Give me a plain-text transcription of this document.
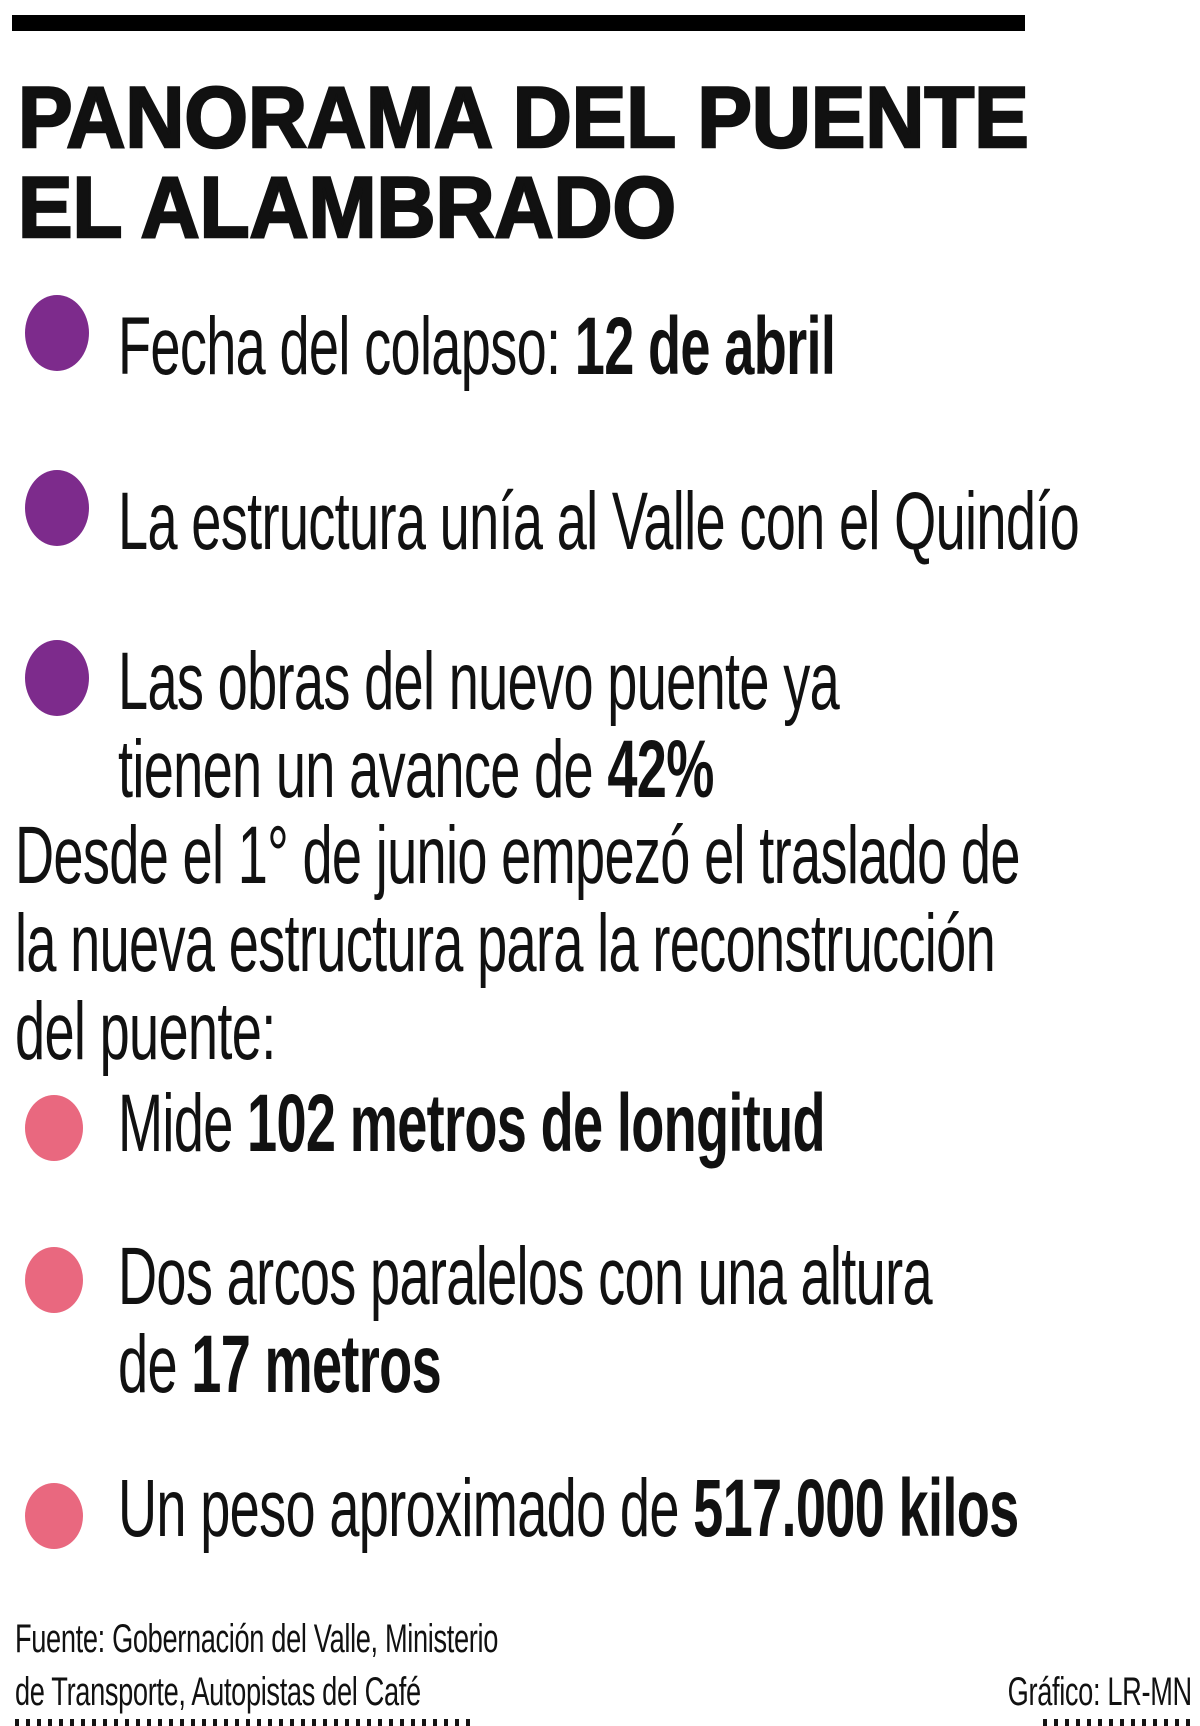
PANORAMA DEL PUENTE
EL ALAMBRADO
Fecha del colapso: 12 de abril
La estructura unía al Valle con el Quindío
Las obras del nuevo puente ya
tienen un avance de 42%

Desde el 1° de junio empezó el traslado de
la nueva estructura para la reconstrucción
del puente:

Mide 102 metros de longitud
Dos arcos paralelos con una altura
de 17 metros
Un peso aproximado de 517.000 kilos
Fuente: Gobernación del Valle, Ministerio
de Transporte, Autopistas del Café	Gráfico: LR-MN
